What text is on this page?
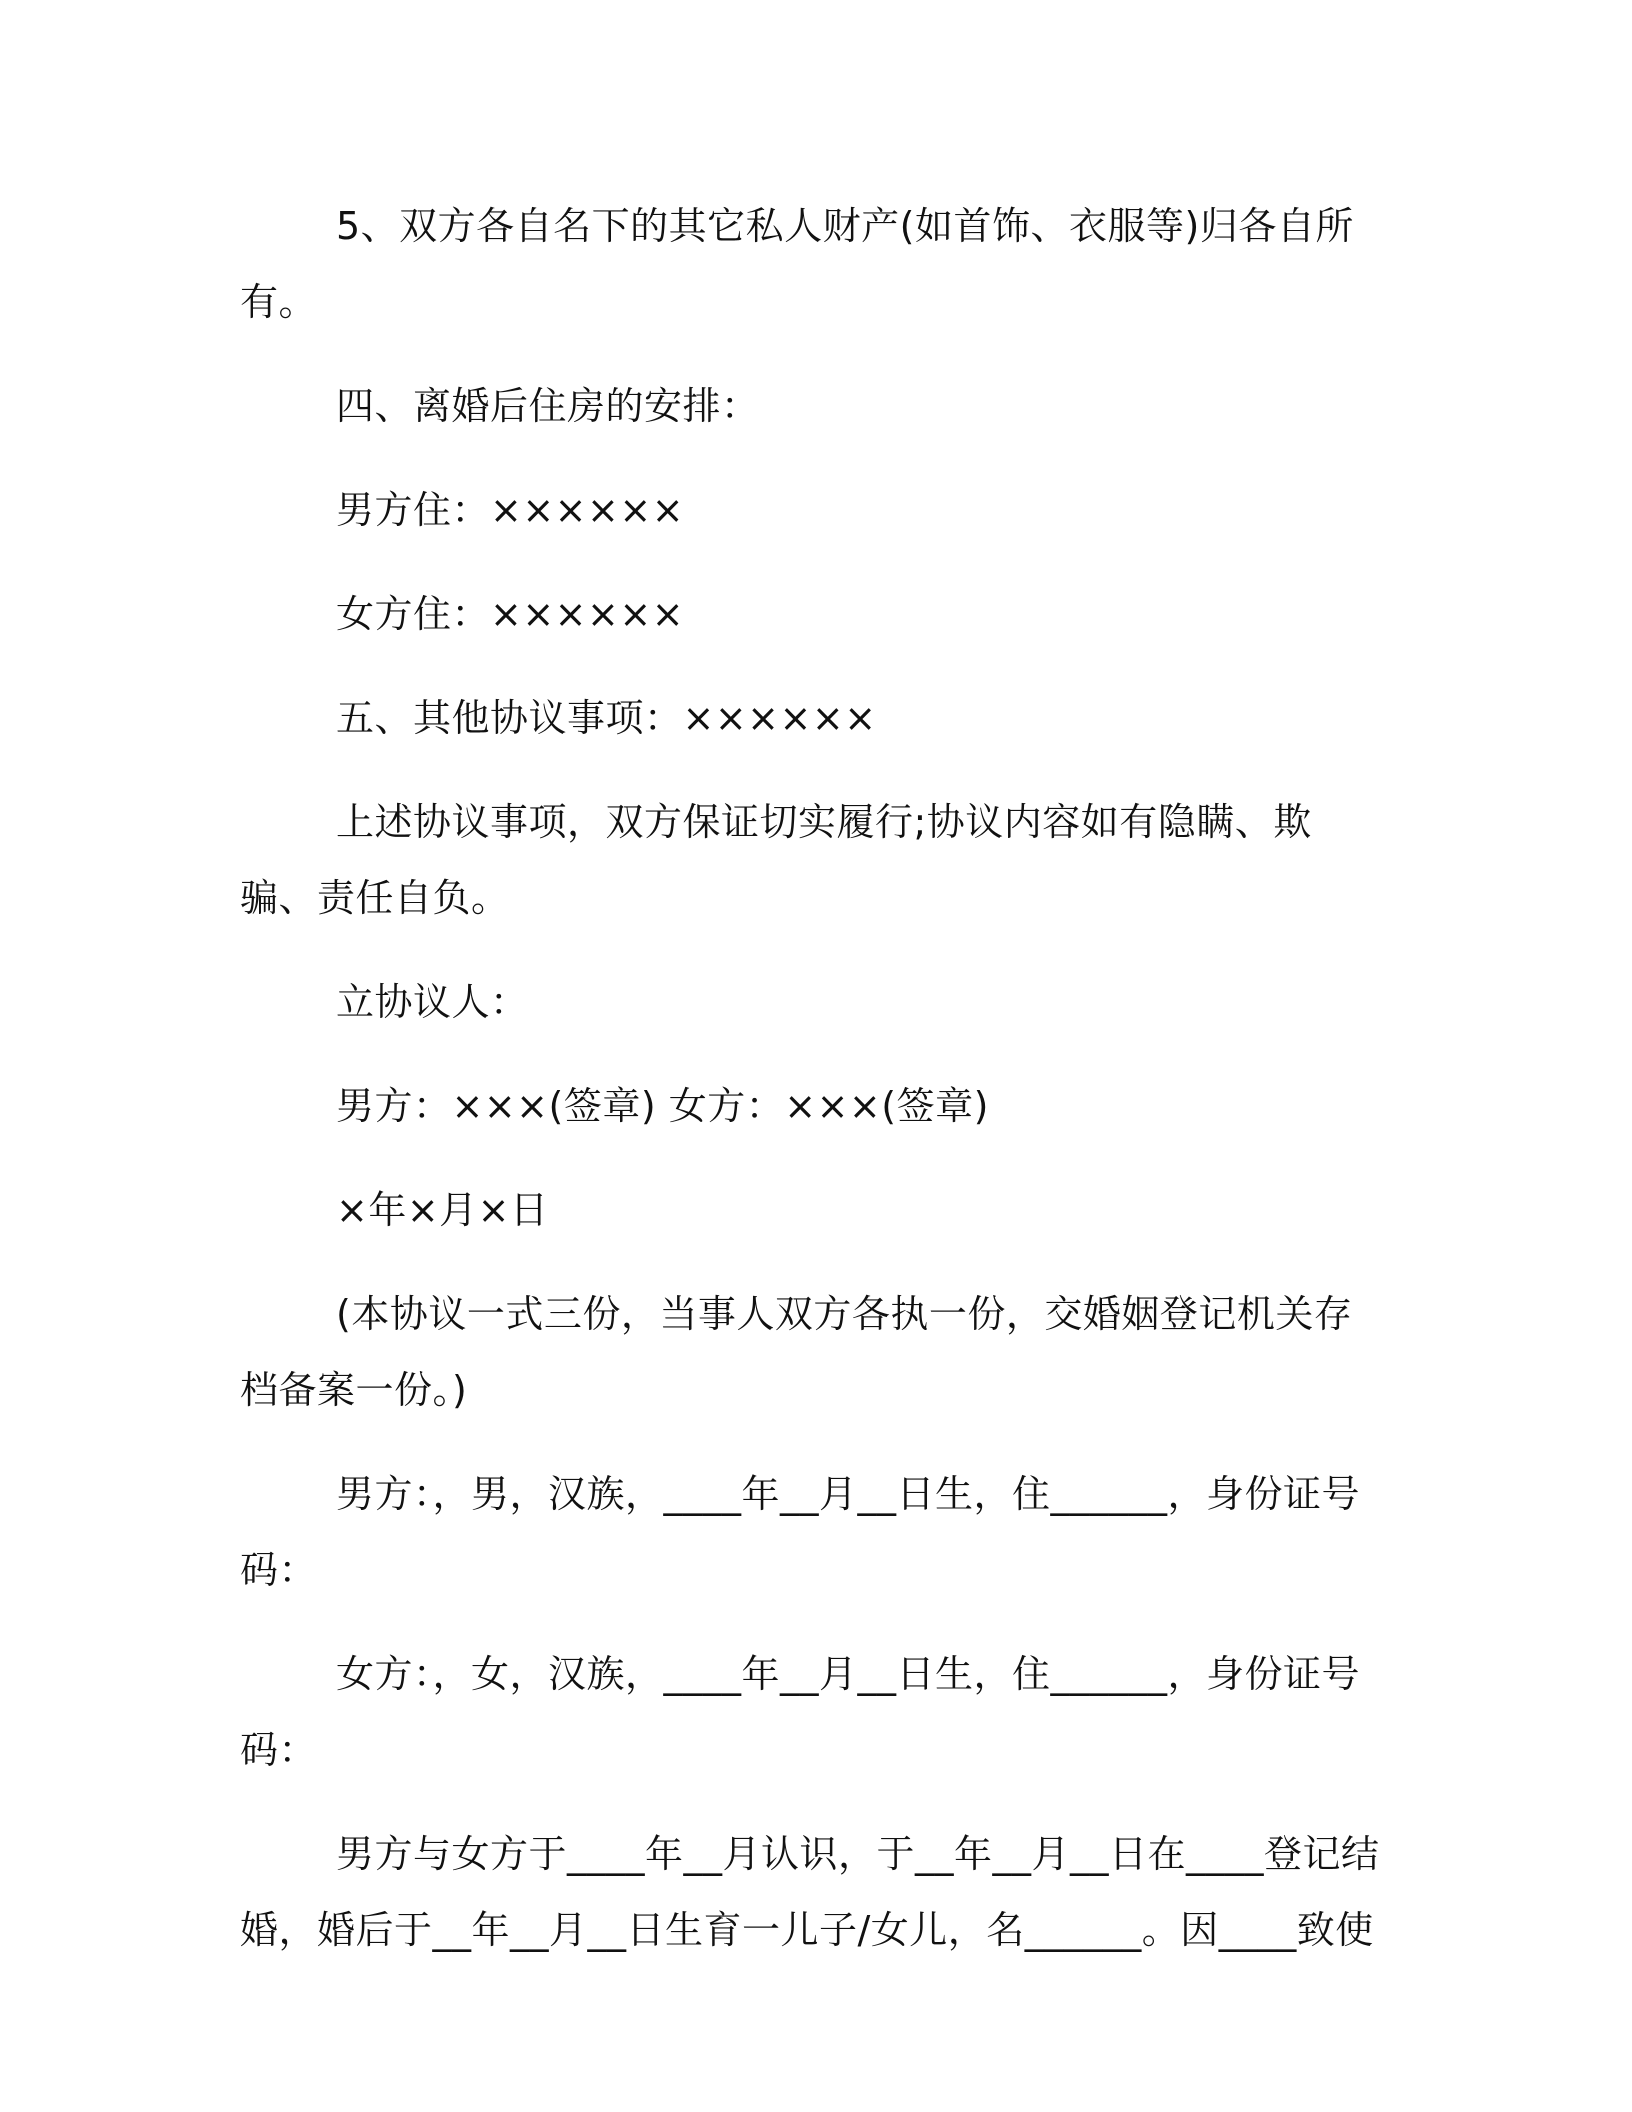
5、双方各自名下的其它私人财产(如首饰、衣服等)归各自所有。

四、离婚后住房的安排：

男方住：××××××

女方住：××××××

五、其他协议事项：××××××

上述协议事项，双方保证切实履行;协议内容如有隐瞒、欺骗、责任自负。

立协议人：

男方：×××(签章) 女方：×××(签章)

×年×月×日

(本协议一式三份，当事人双方各执一份，交婚姻登记机关存档备案一份。)

男方：，男，汉族，____年__月__日生，住______，身份证号码：

女方：，女，汉族，____年__月__日生，住______，身份证号码：

男方与女方于____年__月认识，于__年__月__日在____登记结婚，婚后于__年__月__日生育一儿子/女儿，名______。因____致使
